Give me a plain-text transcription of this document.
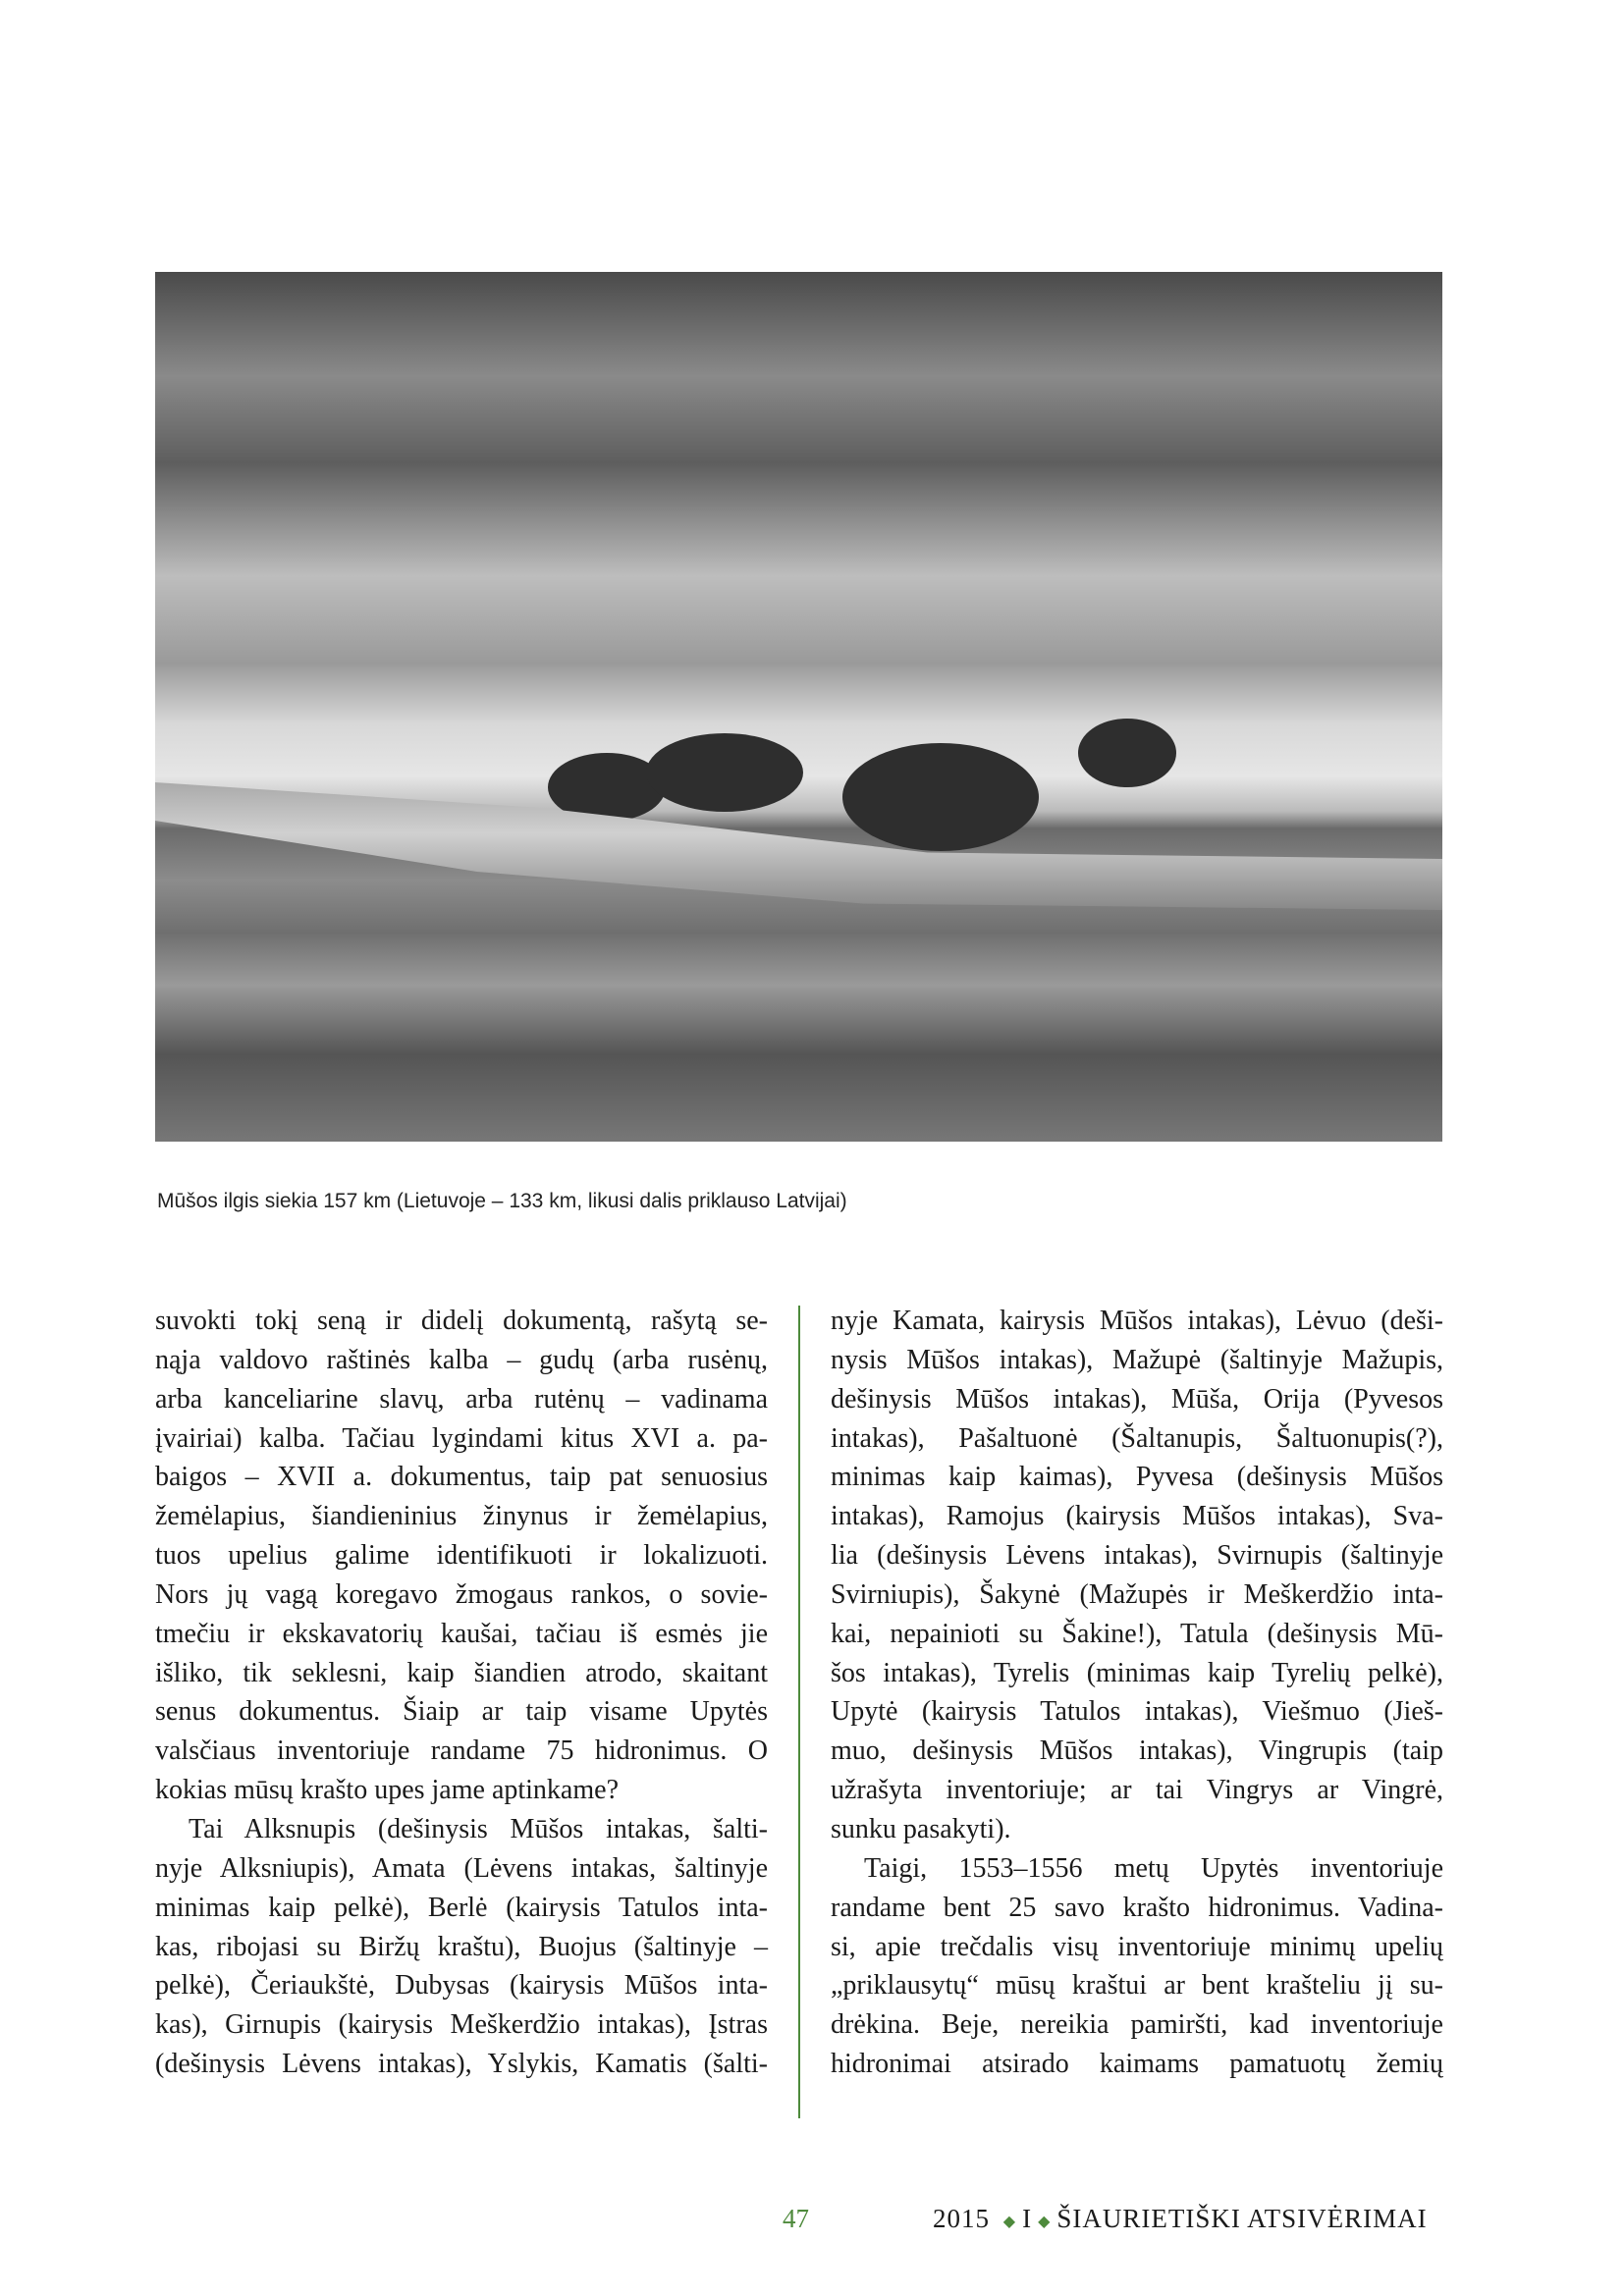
Mūšos ilgis siekia 157 km (Lietuvoje – 133 km, likusi dalis priklauso Latvijai)
suvokti tokį seną ir didelį dokumentą, rašytą se-
nąja valdovo raštinės kalba – gudų (arba rusėnų,
arba kanceliarine slavų, arba rutėnų – vadinama
įvairiai) kalba. Tačiau lygindami kitus XVI a. pa-
baigos – XVII a. dokumentus, taip pat senuosius
žemėlapius, šiandieninius žinynus ir žemėlapius,
tuos upelius galime identifikuoti ir lokalizuoti.
Nors jų vagą koregavo žmogaus rankos, o sovie-
tmečiu ir ekskavatorių kaušai, tačiau iš esmės jie
išliko, tik seklesni, kaip šiandien atrodo, skaitant
senus dokumentus. Šiaip ar taip visame Upytės
valsčiaus inventoriuje randame 75 hidronimus. O
kokias mūsų krašto upes jame aptinkame?
Tai Alksnupis (dešinysis Mūšos intakas, šalti-
nyje Alksniupis), Amata (Lėvens intakas, šaltinyje
minimas kaip pelkė), Berlė (kairysis Tatulos inta-
kas, ribojasi su Biržų kraštu), Buojus (šaltinyje –
pelkė), Čeriaukštė, Dubysas (kairysis Mūšos inta-
kas), Girnupis (kairysis Meškerdžio intakas), Įstras
(dešinysis Lėvens intakas), Yslykis, Kamatis (šalti-
nyje Kamata, kairysis Mūšos intakas), Lėvuo (deši-
nysis Mūšos intakas), Mažupė (šaltinyje Mažupis,
dešinysis Mūšos intakas), Mūša, Orija (Pyvesos
intakas), Pašaltuonė (Šaltanupis, Šaltuonupis(?),
minimas kaip kaimas), Pyvesa (dešinysis Mūšos
intakas), Ramojus (kairysis Mūšos intakas), Sva-
lia (dešinysis Lėvens intakas), Svirnupis (šaltinyje
Svirniupis), Šakynė (Mažupės ir Meškerdžio inta-
kai, nepainioti su Šakine!), Tatula (dešinysis Mū-
šos intakas), Tyrelis (minimas kaip Tyrelių pelkė),
Upytė (kairysis Tatulos intakas), Viešmuo (Jieš-
muo, dešinysis Mūšos intakas), Vingrupis (taip
užrašyta inventoriuje; ar tai Vingrys ar Vingrė,
sunku pasakyti).
Taigi, 1553–1556 metų Upytės inventoriuje
randame bent 25 savo krašto hidronimus. Vadina-
si, apie trečdalis visų inventoriuje minimų upelių
„priklausytų“ mūsų kraštui ar bent krašteliu jį su-
drėkina. Beje, nereikia pamiršti, kad inventoriuje
hidronimai atsirado kaimams pamatuotų žemių
47	2015 ◆ I ◆ ŠIAURIETIŠKI ATSIVĖRIMAI
